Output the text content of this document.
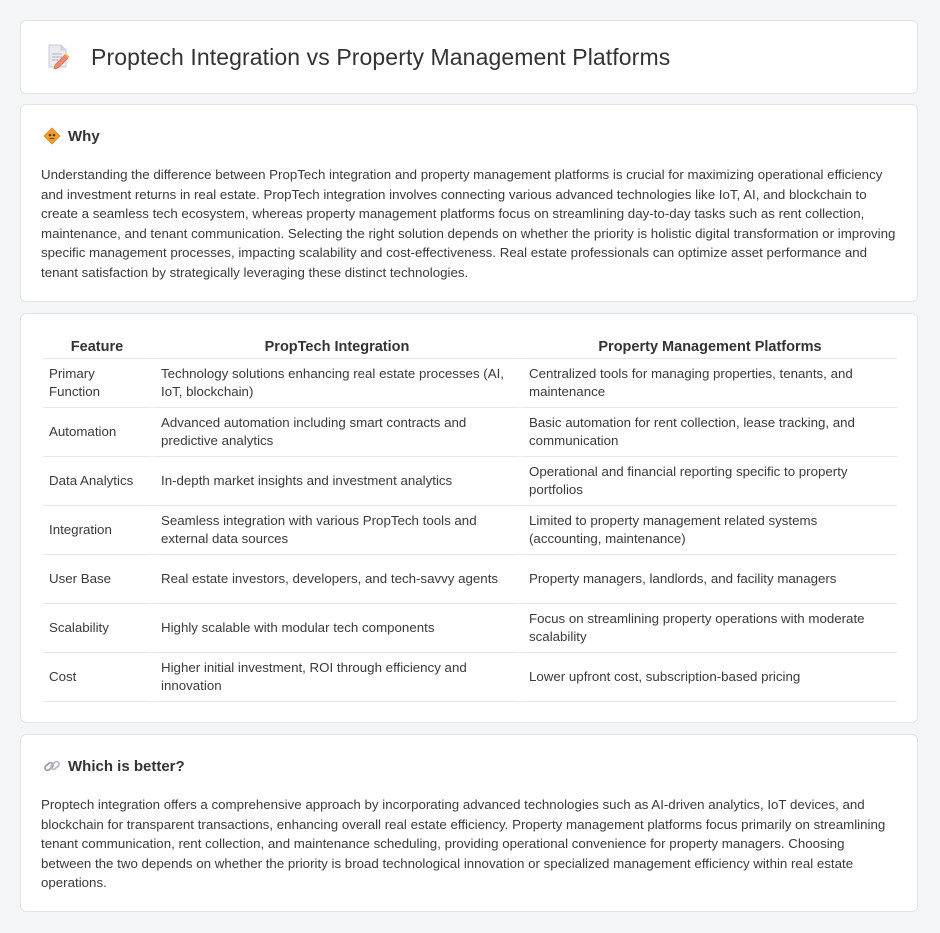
Proptech Integration vs Property Management Platforms
Why
Understanding the difference between PropTech integration and property management platforms is crucial for maximizing operational efficiency and investment returns in real estate. PropTech integration involves connecting various advanced technologies like IoT, AI, and blockchain to create a seamless tech ecosystem, whereas property management platforms focus on streamlining day-to-day tasks such as rent collection, maintenance, and tenant communication. Selecting the right solution depends on whether the priority is holistic digital transformation or improving specific management processes, impacting scalability and cost-effectiveness. Real estate professionals can optimize asset performance and tenant satisfaction by strategically leveraging these distinct technologies.
Feature	PropTech Integration	Property Management Platforms
Primary Function	Technology solutions enhancing real estate processes (AI, IoT, blockchain)	Centralized tools for managing properties, tenants, and maintenance
Automation	Advanced automation including smart contracts and predictive analytics	Basic automation for rent collection, lease tracking, and communication
Data Analytics	In-depth market insights and investment analytics	Operational and financial reporting specific to property portfolios
Integration	Seamless integration with various PropTech tools and external data sources	Limited to property management related systems (accounting, maintenance)
User Base	Real estate investors, developers, and tech-savvy agents	Property managers, landlords, and facility managers
Scalability	Highly scalable with modular tech components	Focus on streamlining property operations with moderate scalability
Cost	Higher initial investment, ROI through efficiency and innovation	Lower upfront cost, subscription-based pricing
Which is better?
Proptech integration offers a comprehensive approach by incorporating advanced technologies such as AI-driven analytics, IoT devices, and blockchain for transparent transactions, enhancing overall real estate efficiency. Property management platforms focus primarily on streamlining tenant communication, rent collection, and maintenance scheduling, providing operational convenience for property managers. Choosing between the two depends on whether the priority is broad technological innovation or specialized management efficiency within real estate operations.
